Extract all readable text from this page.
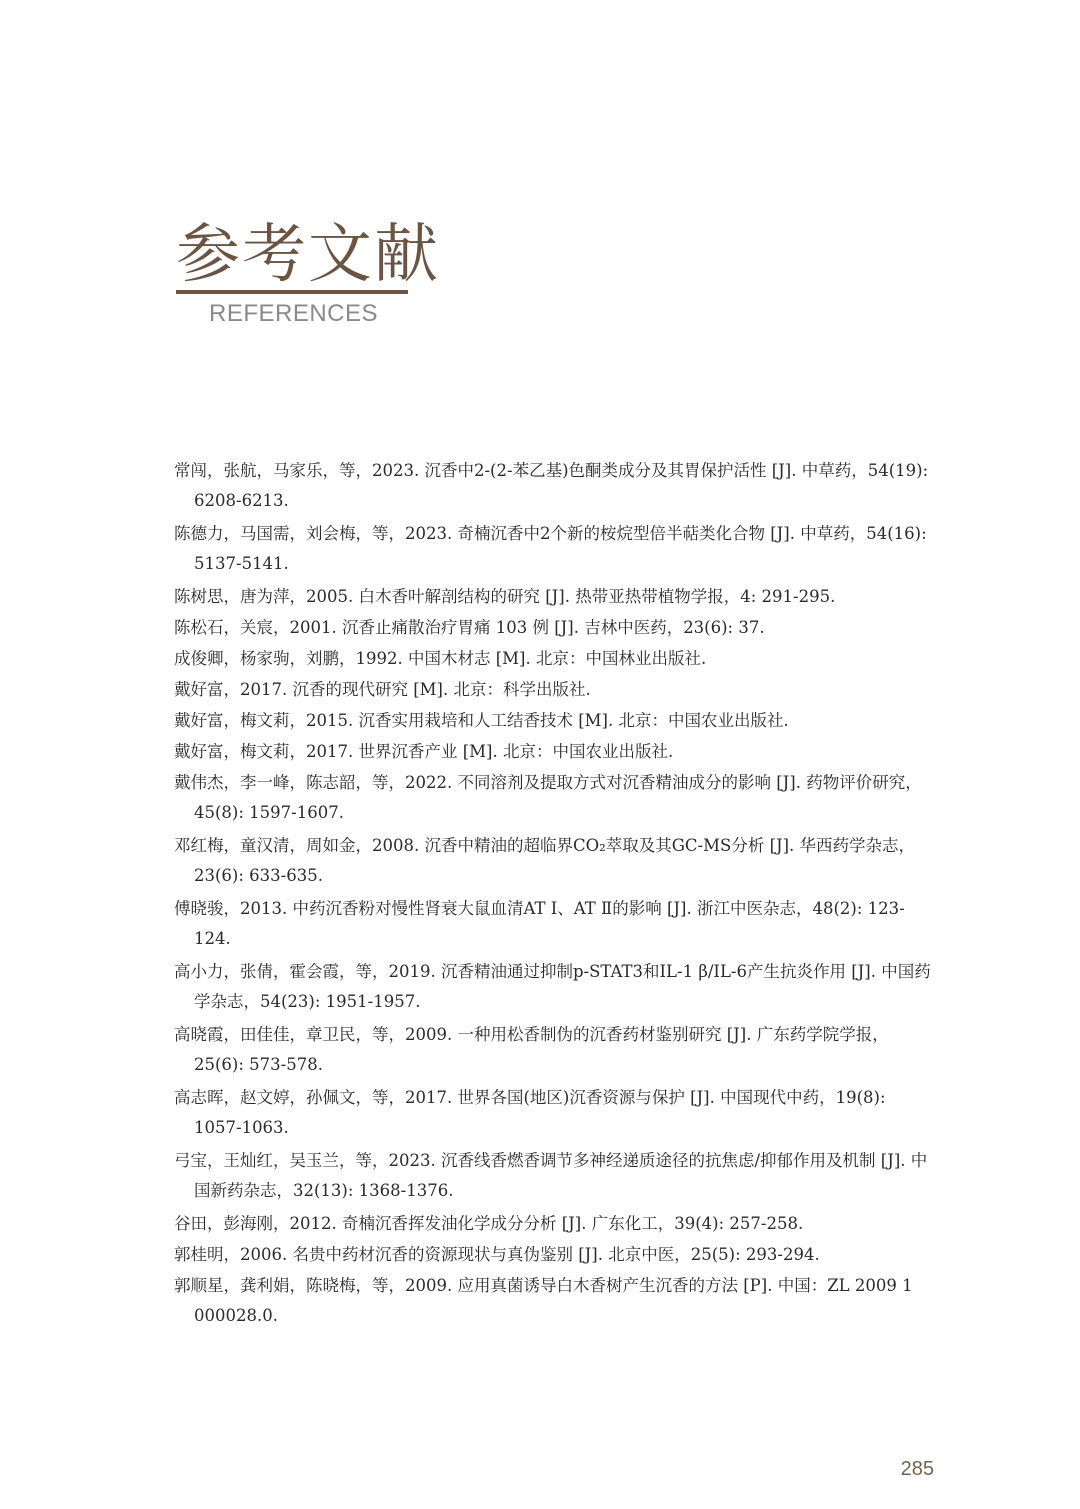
参考文献
REFERENCES
常闯，张航，马家乐，等，2023. 沉香中2-(2-苯乙基)色酮类成分及其胃保护活性 [J]. 中草药，54(19): 6208-6213.
陈德力，马国需，刘会梅，等，2023. 奇楠沉香中2个新的桉烷型倍半萜类化合物 [J]. 中草药，54(16): 5137-5141.
陈树思，唐为萍，2005. 白木香叶解剖结构的研究 [J]. 热带亚热带植物学报，4: 291-295.
陈松石，关宸，2001. 沉香止痛散治疗胃痛 103 例 [J]. 吉林中医药，23(6): 37.
成俊卿，杨家驹，刘鹏，1992. 中国木材志 [M]. 北京：中国林业出版社.
戴好富，2017. 沉香的现代研究 [M]. 北京：科学出版社.
戴好富，梅文莉，2015. 沉香实用栽培和人工结香技术 [M]. 北京：中国农业出版社.
戴好富，梅文莉，2017. 世界沉香产业 [M]. 北京：中国农业出版社.
戴伟杰，李一峰，陈志韶，等，2022. 不同溶剂及提取方式对沉香精油成分的影响 [J]. 药物评价研究，45(8): 1597-1607.
邓红梅，童汉清，周如金，2008. 沉香中精油的超临界CO₂萃取及其GC-MS分析 [J]. 华西药学杂志，23(6): 633-635.
傅晓骏，2013. 中药沉香粉对慢性肾衰大鼠血清AT Ⅰ、AT Ⅱ的影响 [J]. 浙江中医杂志，48(2): 123-124.
高小力，张倩，霍会霞，等，2019. 沉香精油通过抑制p-STAT3和IL-1 β/IL-6产生抗炎作用 [J]. 中国药学杂志，54(23): 1951-1957.
高晓霞，田佳佳，章卫民，等，2009. 一种用松香制伪的沉香药材鉴别研究 [J]. 广东药学院学报，25(6): 573-578.
高志晖，赵文婷，孙佩文，等，2017. 世界各国(地区)沉香资源与保护 [J]. 中国现代中药，19(8): 1057-1063.
弓宝，王灿红，吴玉兰，等，2023. 沉香线香燃香调节多神经递质途径的抗焦虑/抑郁作用及机制 [J]. 中国新药杂志，32(13): 1368-1376.
谷田，彭海刚，2012. 奇楠沉香挥发油化学成分分析 [J]. 广东化工，39(4): 257-258.
郭桂明，2006. 名贵中药材沉香的资源现状与真伪鉴别 [J]. 北京中医，25(5): 293-294.
郭顺星，龚利娟，陈晓梅，等，2009. 应用真菌诱导白木香树产生沉香的方法 [P]. 中国：ZL 2009 1 000028.0.
285
